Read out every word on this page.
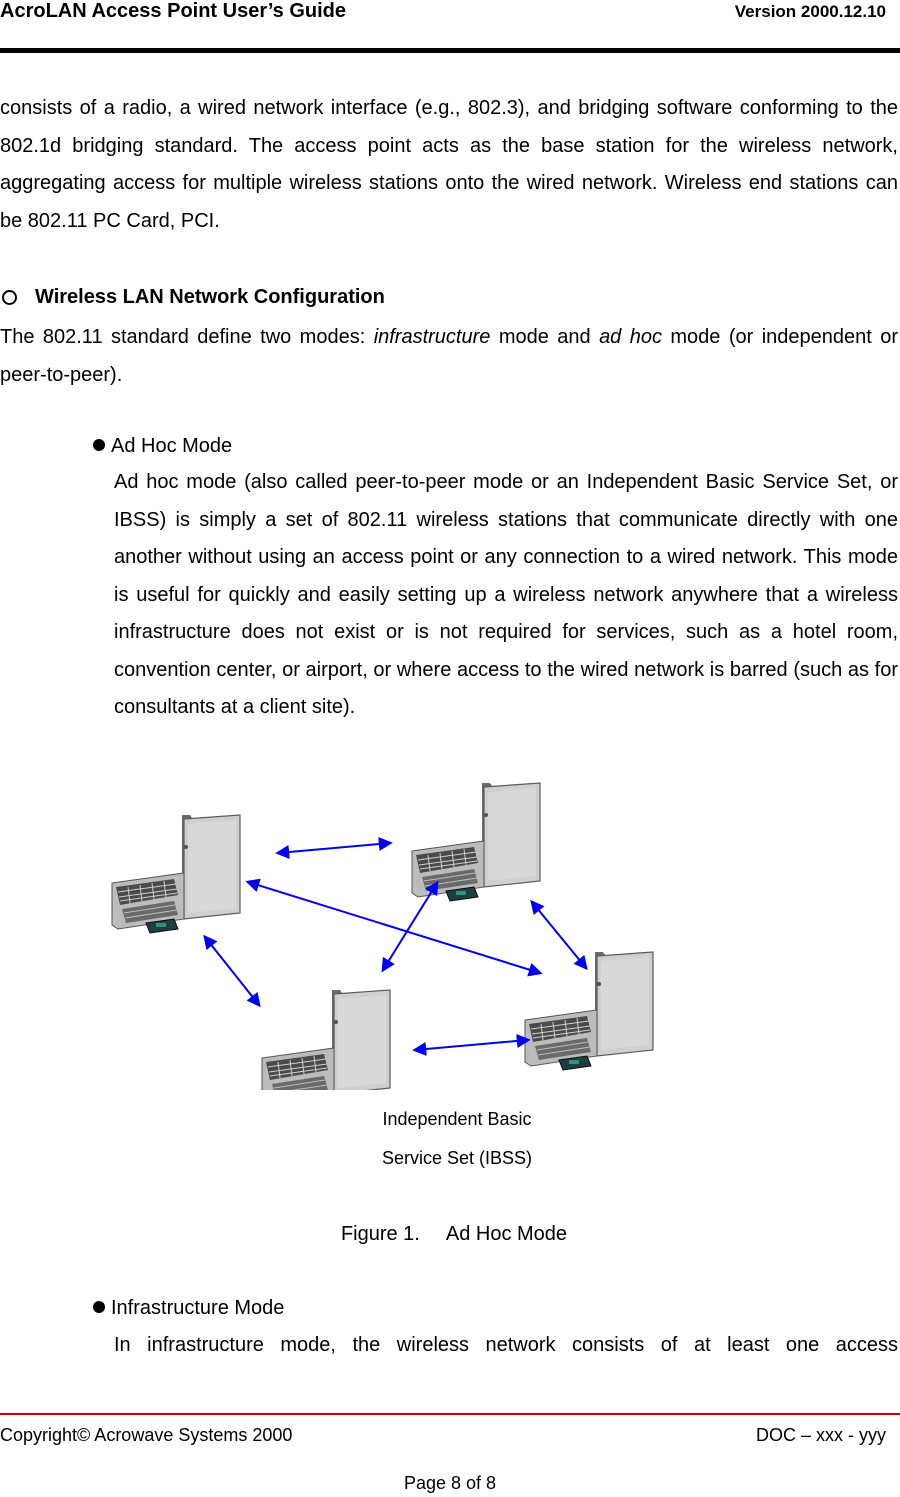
AcroLAN Access Point User’s Guide	Version 2000.12.10
consists of a radio, a wired network interface (e.g., 802.3), and bridging software conforming to the 802.1d bridging standard. The access point acts as the base station for the wireless network, aggregating access for multiple wireless stations onto the wired network. Wireless end stations can be 802.11 PC Card, PCI.
Wireless LAN Network Configuration
The 802.11 standard define two modes: infrastructure mode and ad hoc mode (or independent or peer-to-peer).
Ad Hoc Mode
Ad hoc mode (also called peer-to-peer mode or an Independent Basic Service Set, or IBSS) is simply a set of 802.11 wireless stations that communicate directly with one another without using an access point or any connection to a wired network. This mode is useful for quickly and easily setting up a wireless network anywhere that a wireless infrastructure does not exist or is not required for services, such as a hotel room, convention center, or airport, or where access to the wired network is barred (such as for consultants at a client site).
Independent Basic
Service Set (IBSS)
Figure 1. Ad Hoc Mode
Infrastructure Mode
In infrastructure mode, the wireless network consists of at least one access
Copyright© Acrowave Systems 2000	DOC – xxx - yyy
Page 8 of 8
